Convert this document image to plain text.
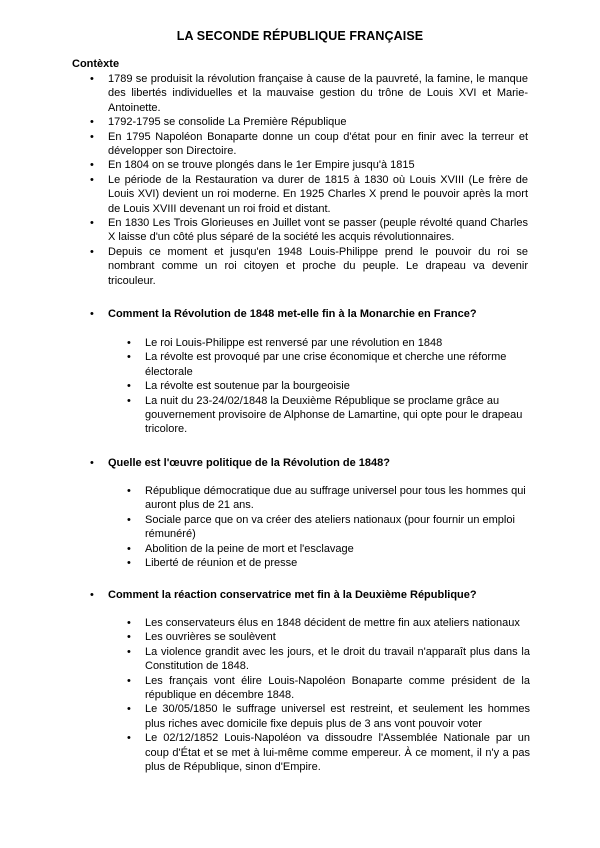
LA SECONDE RÉPUBLIQUE FRANÇAISE
Contèxte
• 1789 se produisit la révolution française à cause de la pauvreté, la famine, le manque des libertés individuelles et la mauvaise gestion du trône de Louis XVI et Marie-Antoinette.
• 1792-1795 se consolide La Première République
• En 1795 Napoléon Bonaparte donne un coup d'état pour en finir avec la terreur et développer son Directoire.
• En 1804 on se trouve plongés dans le 1er Empire jusqu'à 1815
• Le période de la Restauration va durer de 1815 à 1830 où Louis XVIII (Le frère de Louis XVI) devient un roi moderne. En 1925 Charles X prend le pouvoir après la mort de Louis XVIII devenant un roi froid et distant.
• En 1830 Les Trois Glorieuses en Juillet vont se passer (peuple révolté quand Charles X laisse d'un côté plus séparé de la société les acquis révolutionnaires.
• Depuis ce moment et jusqu'en 1948 Louis-Philippe prend le pouvoir du roi se nombrant comme un roi citoyen et proche du peuple. Le drapeau va devenir tricouleur.
• Comment la Révolution de 1848 met-elle fin à la Monarchie en France?
• Le roi Louis-Philippe est renversé par une révolution en 1848
• La révolte est provoqué par une crise économique et cherche une réforme électorale
• La révolte est soutenue par la bourgeoisie
• La nuit du 23-24/02/1848 la Deuxième République se proclame grâce au gouvernement provisoire de Alphonse de Lamartine, qui opte pour le drapeau tricolore.
• Quelle est l'œuvre politique de la Révolution de 1848?
• République démocratique due au suffrage universel pour tous les hommes qui auront plus de 21 ans.
• Sociale parce que on va créer des ateliers nationaux (pour fournir un emploi rémunéré)
• Abolition de la peine de mort et l'esclavage
• Liberté de réunion et de presse
• Comment la réaction conservatrice met fin à la Deuxième République?
• Les conservateurs élus en 1848 décident de mettre fin aux ateliers nationaux
• Les ouvrières se soulèvent
• La violence grandit avec les jours, et le droit du travail n'apparaît plus dans la Constitution de 1848.
• Les français vont élire Louis-Napoléon Bonaparte comme président de la république en décembre 1848.
• Le 30/05/1850 le suffrage universel est restreint, et seulement les hommes plus riches avec domicile fixe depuis plus de 3 ans vont pouvoir voter
• Le 02/12/1852 Louis-Napoléon va dissoudre l'Assemblée Nationale par un coup d'État et se met à lui-même comme empereur. À ce moment, il n'y a pas plus de République, sinon d'Empire.
